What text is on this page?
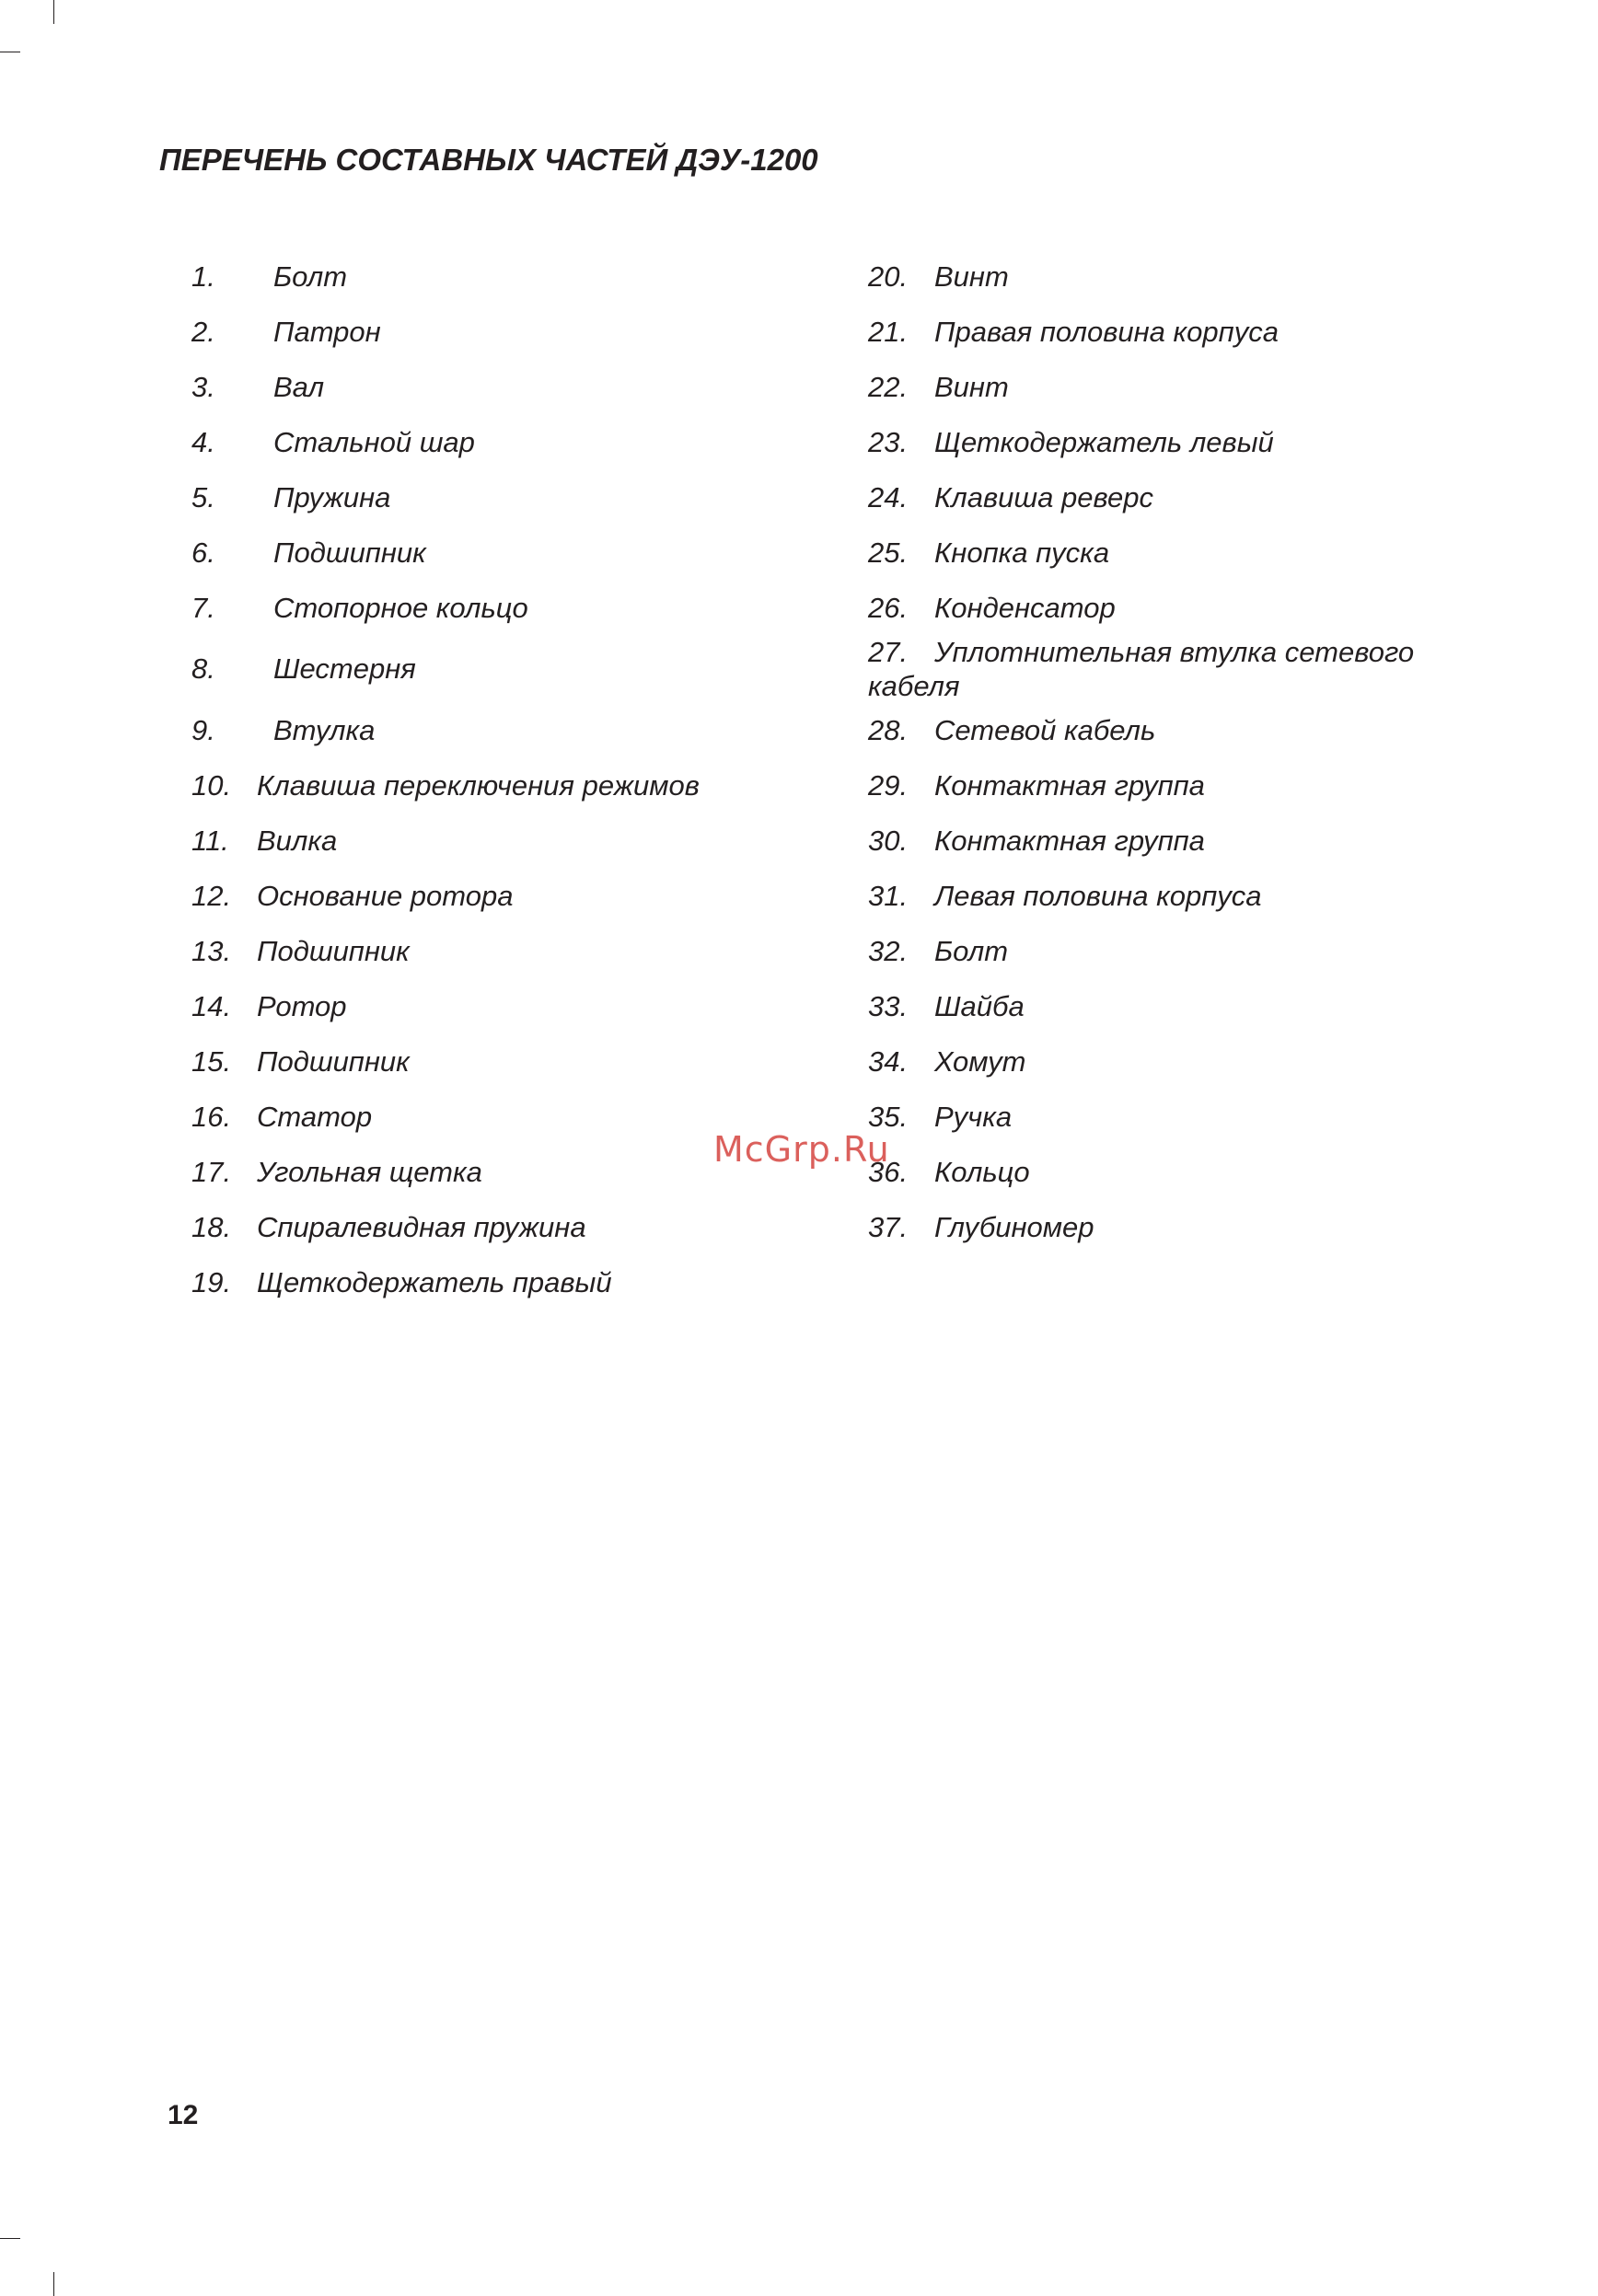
ПЕРЕЧЕНЬ СОСТАВНЫХ ЧАСТЕЙ ДЭУ-1200
1. Болт
2. Патрон
3. Вал
4. Стальной шар
5. Пружина
6. Подшипник
7. Стопорное кольцо
8. Шестерня
9. Втулка
10. Клавиша переключения режимов
11. Вилка
12. Основание ротора
13. Подшипник
14. Ротор
15. Подшипник
16. Статор
17. Угольная щетка
18. Спиралевидная пружина
19. Щеткодержатель правый
20. Винт
21. Правая половина корпуса
22. Винт
23. Щеткодержатель левый
24. Клавиша реверс
25. Кнопка пуска
26. Конденсатор
27. Уплотнительная втулка сетевого кабеля
28. Сетевой кабель
29. Контактная группа
30. Контактная группа
31. Левая половина корпуса
32. Болт
33. Шайба
34. Хомут
35. Ручка
36. Кольцо
37. Глубиномер
McGrp.Ru
12
